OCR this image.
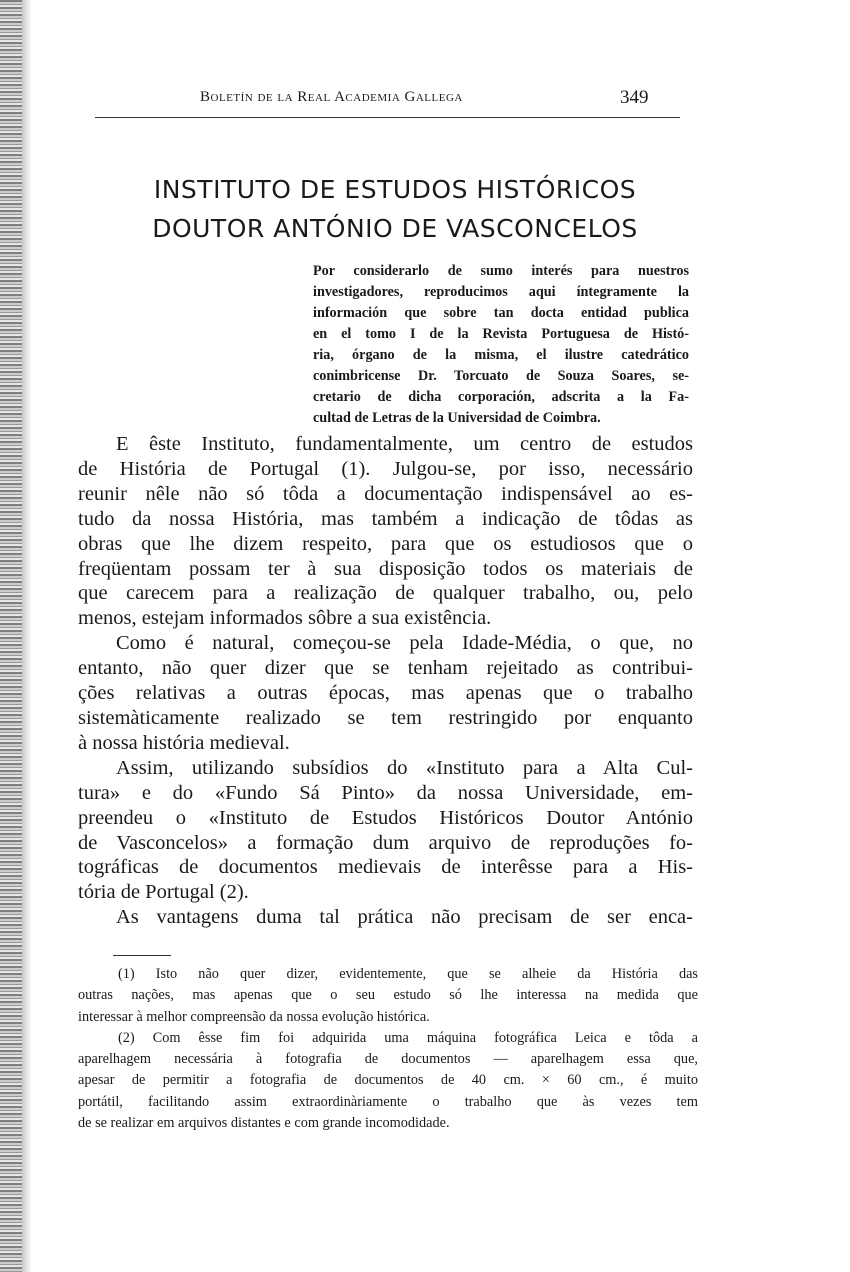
Boletín de la Real Academia Gallega	349
INSTITUTO DE ESTUDOS HISTÓRICOS
DOUTOR ANTÓNIO DE VASCONCELOS
Por considerarlo de sumo interés para nuestros
investigadores, reproducimos aqui íntegramente la
información que sobre tan docta entidad publica
en el tomo I de la Revista Portuguesa de Histó-
ria, órgano de la misma, el ilustre catedrático
conimbricense Dr. Torcuato de Souza Soares, se-
cretario de dicha corporación, adscrita a la Fa-
cultad de Letras de la Universidad de Coimbra.
E êste Instituto, fundamentalmente, um centro de estudos
de História de Portugal (1). Julgou-se, por isso, necessário
reunir nêle não só tôda a documentação indispensável ao es-
tudo da nossa História, mas também a indicação de tôdas as
obras que lhe dizem respeito, para que os estudiosos que o
freqüentam possam ter à sua disposição todos os materiais de
que carecem para a realização de qualquer trabalho, ou, pelo
menos, estejam informados sôbre a sua existência.
Como é natural, começou-se pela Idade-Média, o que, no
entanto, não quer dizer que se tenham rejeitado as contribui-
ções relativas a outras épocas, mas apenas que o trabalho
sistemàticamente realizado se tem restringido por enquanto
à nossa história medieval.
Assim, utilizando subsídios do «Instituto para a Alta Cul-
tura» e do «Fundo Sá Pinto» da nossa Universidade, em-
preendeu o «Instituto de Estudos Históricos Doutor António
de Vasconcelos» a formação dum arquivo de reproduções fo-
tográficas de documentos medievais de interêsse para a His-
tória de Portugal (2).
As vantagens duma tal prática não precisam de ser enca-
(1) Isto não quer dizer, evidentemente, que se alheie da História das
outras nações, mas apenas que o seu estudo só lhe interessa na medida que
interessar à melhor compreensão da nossa evolução histórica.
(2) Com êsse fim foi adquirida uma máquina fotográfica Leica e tôda a
aparelhagem necessária à fotografia de documentos — aparelhagem essa que,
apesar de permitir a fotografia de documentos de 40 cm. × 60 cm., é muito
portátil, facilitando assim extraordinàriamente o trabalho que às vezes tem
de se realizar em arquivos distantes e com grande incomodidade.
